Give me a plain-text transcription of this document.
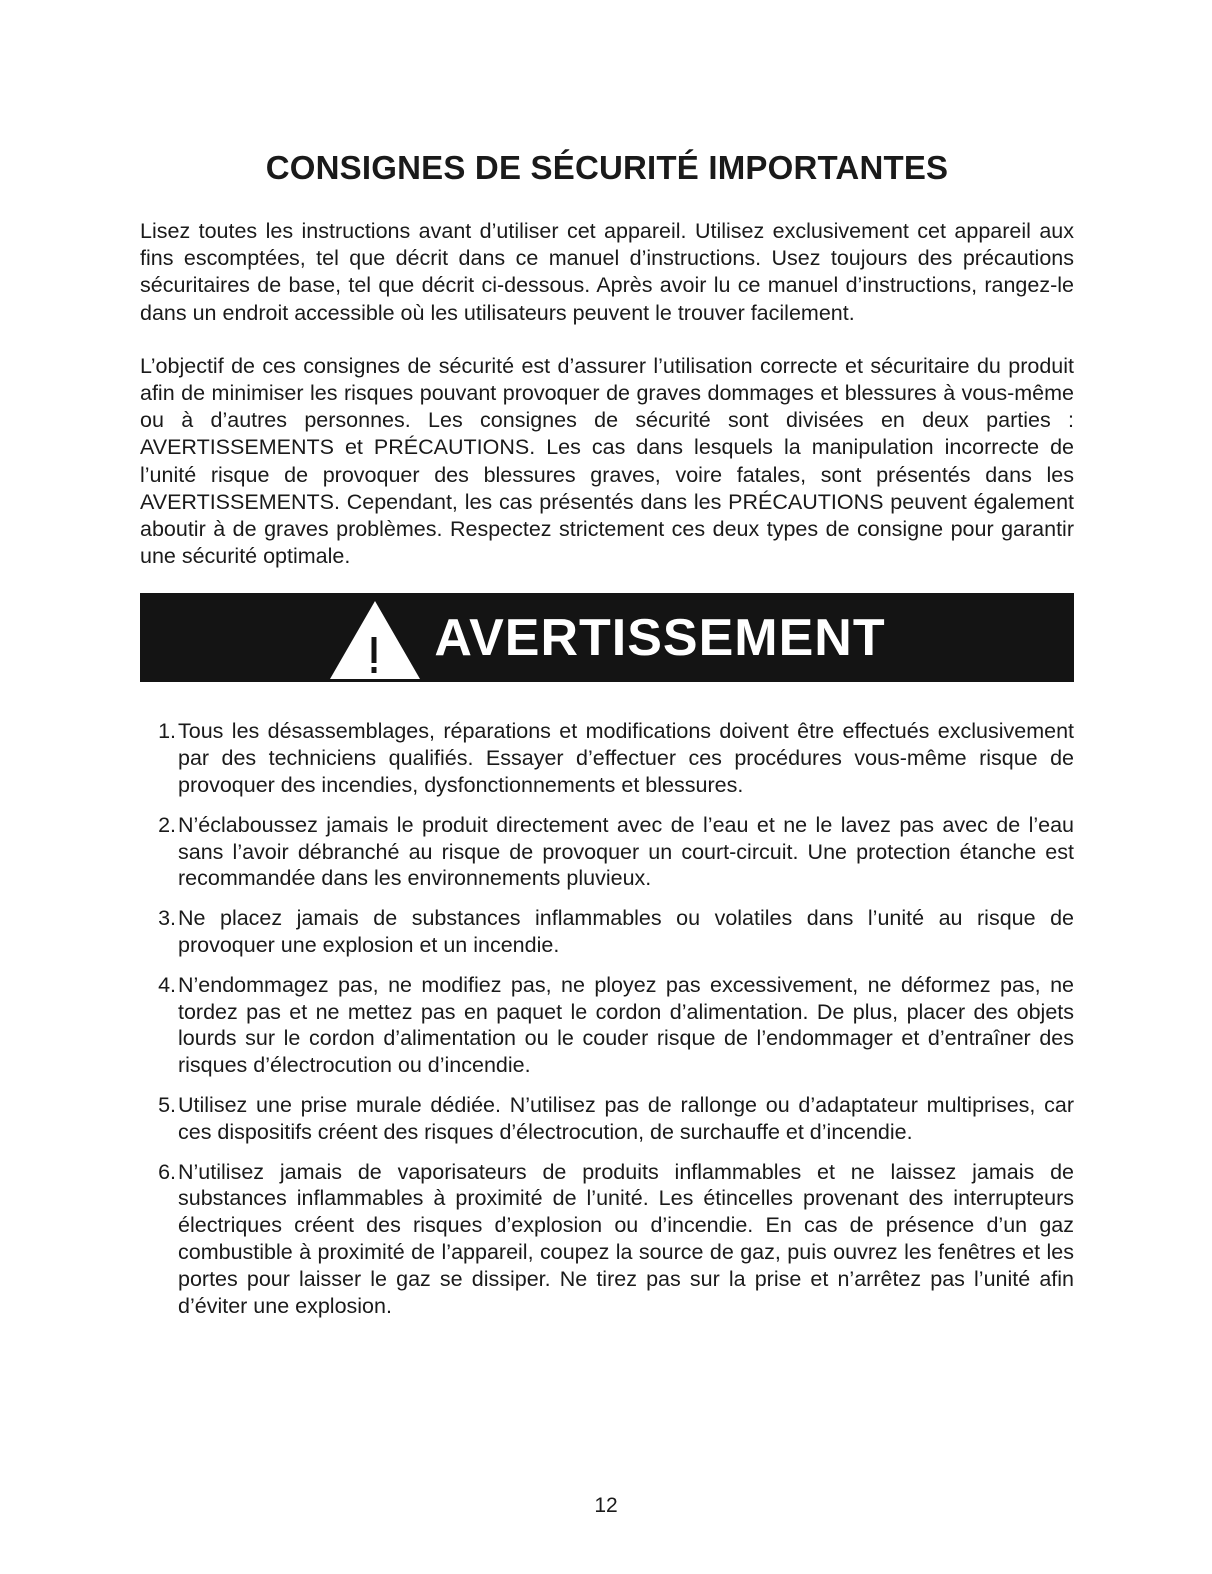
CONSIGNES DE SÉCURITÉ IMPORTANTES

Lisez toutes les instructions avant d’utiliser cet appareil. Utilisez exclusivement cet appareil aux fins escomptées, tel que décrit dans ce manuel d’instructions. Usez toujours des précautions sécuritaires de base, tel que décrit ci-dessous. Après avoir lu ce manuel d’instructions, rangez-le dans un endroit accessible où les utilisateurs peuvent le trouver facilement.

L’objectif de ces consignes de sécurité est d’assurer l’utilisation correcte et sécuritaire du produit afin de minimiser les risques pouvant provoquer de graves dommages et blessures à vous-même ou à d’autres personnes. Les consignes de sécurité sont divisées en deux parties : AVERTISSEMENTS et PRÉCAUTIONS. Les cas dans lesquels la manipulation incorrecte de l’unité risque de provoquer des blessures graves, voire fatales, sont présentés dans les AVERTISSEMENTS. Cependant, les cas présentés dans les PRÉCAUTIONS peuvent également aboutir à de graves problèmes. Respectez strictement ces deux types de consigne pour garantir une sécurité optimale.

AVERTISSEMENT
1. Tous les désassemblages, réparations et modifications doivent être effectués exclusivement par des techniciens qualifiés. Essayer d’effectuer ces procédures vous-même risque de provoquer des incendies, dysfonctionnements et blessures.
2. N’éclaboussez jamais le produit directement avec de l’eau et ne le lavez pas avec de l’eau sans l’avoir débranché au risque de provoquer un court-circuit. Une protection étanche est recommandée dans les environnements pluvieux.
3. Ne placez jamais de substances inflammables ou volatiles dans l’unité au risque de provoquer une explosion et un incendie.
4. N’endommagez pas, ne modifiez pas, ne ployez pas excessivement, ne déformez pas, ne tordez pas et ne mettez pas en paquet le cordon d’alimentation. De plus, placer des objets lourds sur le cordon d’alimentation ou le couder risque de l’endommager et d’entraîner des risques d’électrocution ou d’incendie.
5. Utilisez une prise murale dédiée. N’utilisez pas de rallonge ou d’adaptateur multiprises, car ces dispositifs créent des risques d’électrocution, de surchauffe et d’incendie.
6. N’utilisez jamais de vaporisateurs de produits inflammables et ne laissez jamais de substances inflammables à proximité de l’unité. Les étincelles provenant des interrupteurs électriques créent des risques d’explosion ou d’incendie. En cas de présence d’un gaz combustible à proximité de l’appareil, coupez la source de gaz, puis ouvrez les fenêtres et les portes pour laisser le gaz se dissiper. Ne tirez pas sur la prise et n’arrêtez pas l’unité afin d’éviter une explosion.
12
